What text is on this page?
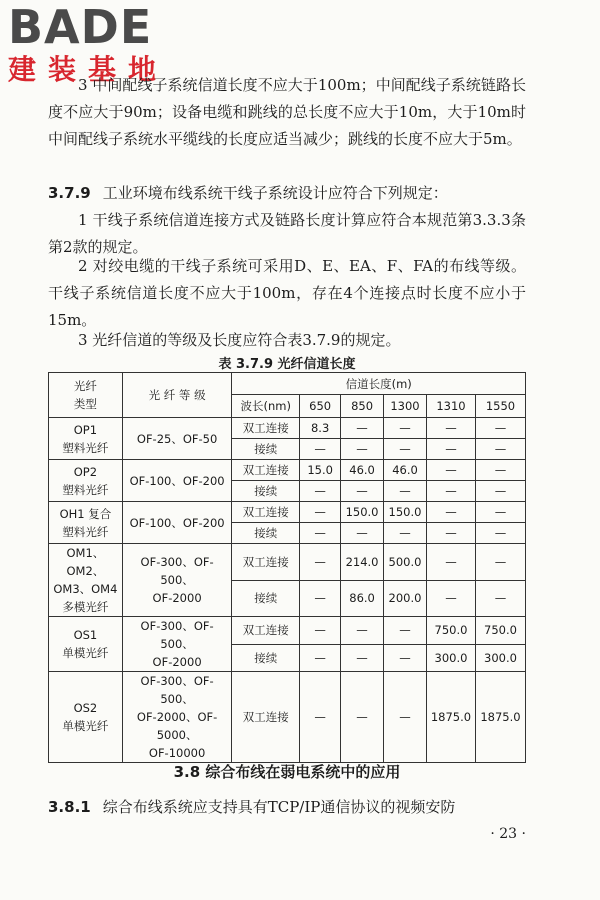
BADE
建装基地
3 中间配线子系统信道长度不应大于100m；中间配线子系统链路长度不应大于90m；设备电缆和跳线的总长度不应大于10m，大于10m时中间配线子系统水平缆线的长度应适当减少；跳线的长度不应大于5m。
3.7.9 工业环境布线系统干线子系统设计应符合下列规定：
1 干线子系统信道连接方式及链路长度计算应符合本规范第3.3.3条第2款的规定。
2 对绞电缆的干线子系统可采用D、E、EA、F、FA的布线等级。干线子系统信道长度不应大于100m，存在4个连接点时长度不应小于15m。
3 光纤信道的等级及长度应符合表3.7.9的规定。
表 3.7.9 光纤信道长度
光纤
类型	光 纤 等 级	信道长度(m)					
		波长(nm)	650	850	1300	1310	1550
OP1
塑料光纤	OF-25、OF-50	双工连接	8.3	—	—	—	—
		接续	—	—	—	—	—
OP2
塑料光纤	OF-100、OF-200	双工连接	15.0	46.0	46.0	—	—
		接续	—	—	—	—	—
OH1 复合
塑料光纤	OF-100、OF-200	双工连接	—	150.0	150.0	—	—
		接续	—	—	—	—	—
OM1、OM2、
OM3、OM4
多模光纤	OF-300、OF-500、
OF-2000	双工连接	—	214.0	500.0	—	—
		接续	—	86.0	200.0	—	—
OS1
单模光纤	OF-300、OF-500、
OF-2000	双工连接	—	—	—	750.0	750.0
		接续	—	—	—	300.0	300.0
OS2
单模光纤	OF-300、OF-500、
OF-2000、OF-5000、
OF-10000	双工连接	—	—	—	1875.0	1875.0
3.8 综合布线在弱电系统中的应用
3.8.1 综合布线系统应支持具有TCP/IP通信协议的视频安防
· 23 ·
